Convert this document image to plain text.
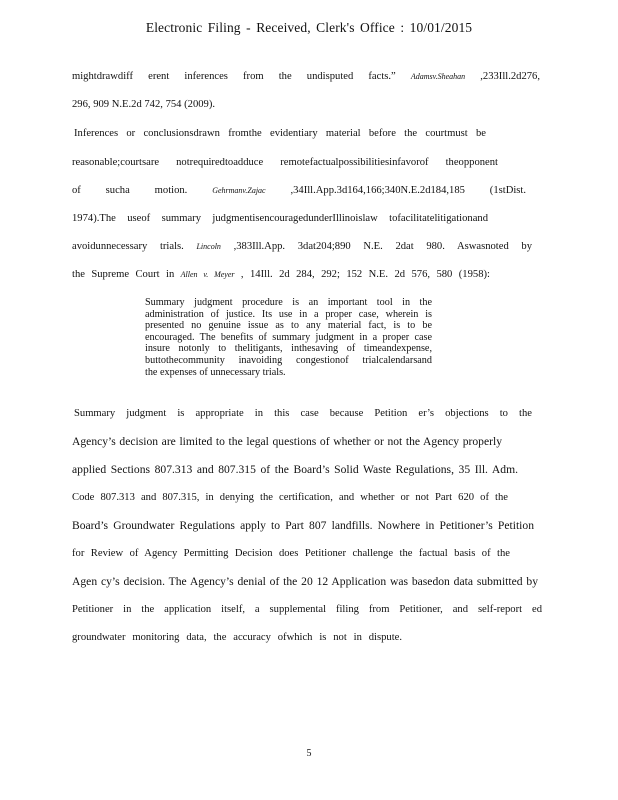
Electronic Filing - Received, Clerk's Office : 10/01/2015
mightdrawdiff erent inferences from the undisputed facts.” Adamsv.Sheahan ,233Ill.2d276,
296, 909 N.E.2d 742, 754 (2009).
Inferences or conclusionsdrawn fromthe evidentiary material before the courtmust be
reasonable;courtsare notrequiredtoadduce remotefactualpossibilitiesinfavorof theopponent
of sucha motion. Gehrmanv.Zajac ,34Ill.App.3d164,166;340N.E.2d184,185 (1stDist.
1974).The useof summary judgmentisencouragedunderIllinoislaw tofacilitatelitigationand
avoidunnecessary trials. Lincoln ,383Ill.App. 3dat204;890 N.E. 2dat 980. Aswasnoted by
the Supreme Court in Allen v. Meyer , 14Ill. 2d 284, 292; 152 N.E. 2d 576, 580 (1958):
Summary judgment procedure is an important tool in the
administration of justice. Its use in a proper case, wherein is
presented no genuine issue as to any material fact, is to be
encouraged. The benefits of summary judgment in a proper case
insure notonly to thelitigants, inthesaving of timeandexpense,
buttothecommunity inavoiding congestionof trialcalendarsand
the expenses of unnecessary trials.
Summary judgment is appropriate in this case because Petition er’s objections to the
Agency’s decision are limited to the legal questions of whether or not the Agency properly
applied Sections 807.313 and 807.315 of the Board’s Solid Waste Regulations, 35 Ill. Adm.
Code 807.313 and 807.315, in denying the certification, and whether or not Part 620 of the
Board’s Groundwater Regulations apply to Part 807 landfills. Nowhere in Petitioner’s Petition
for Review of Agency Permitting Decision does Petitioner challenge the factual basis of the
Agen cy’s decision. The Agency’s denial of the 20 12 Application was basedon data submitted by
Petitioner in the application itself, a supplemental filing from Petitioner, and self-report ed
groundwater monitoring data, the accuracy ofwhich is not in dispute.
5
